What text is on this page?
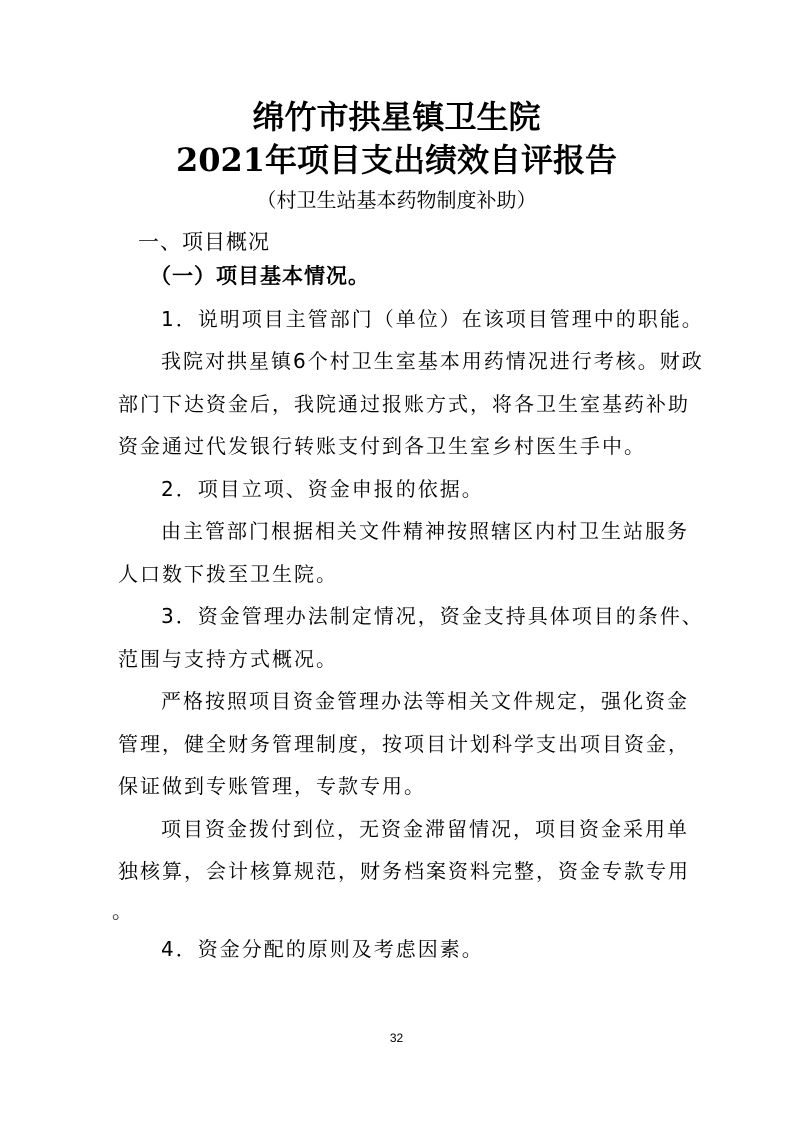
绵竹市拱星镇卫生院
2021年项目支出绩效自评报告
（村卫生站基本药物制度补助）
一、项目概况
（一）项目基本情况。
1．说明项目主管部门（单位）在该项目管理中的职能。
我院对拱星镇6个村卫生室基本用药情况进行考核。财政
部门下达资金后，我院通过报账方式，将各卫生室基药补助
资金通过代发银行转账支付到各卫生室乡村医生手中。
2．项目立项、资金申报的依据。
由主管部门根据相关文件精神按照辖区内村卫生站服务
人口数下拨至卫生院。
3．资金管理办法制定情况，资金支持具体项目的条件、
范围与支持方式概况。
严格按照项目资金管理办法等相关文件规定，强化资金
管理，健全财务管理制度，按项目计划科学支出项目资金，
保证做到专账管理，专款专用。
项目资金拨付到位，无资金滞留情况，项目资金采用单
独核算，会计核算规范，财务档案资料完整，资金专款专用
。
4．资金分配的原则及考虑因素。
32
